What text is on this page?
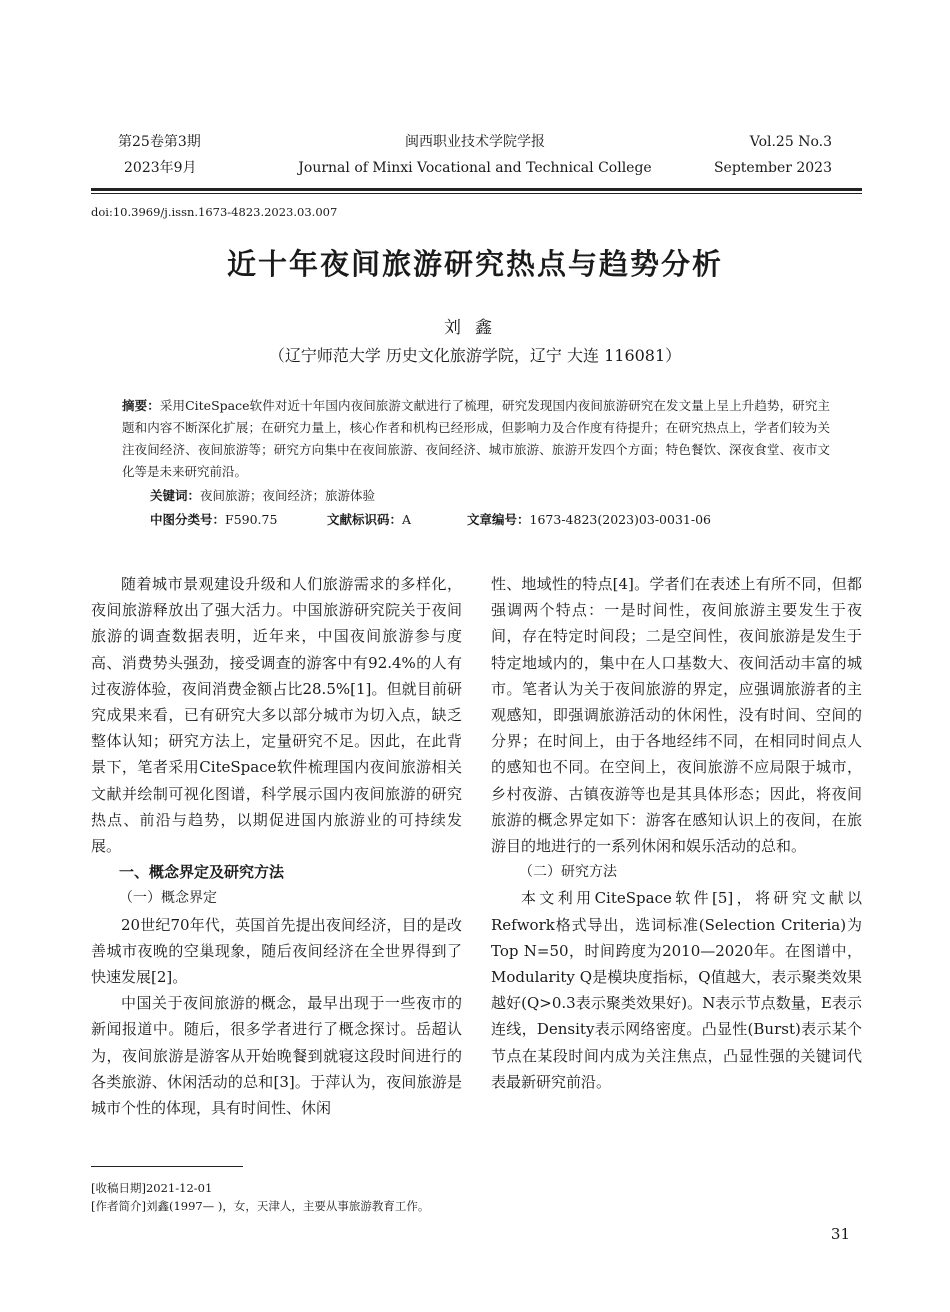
第25卷第3期
2023年9月
闽西职业技术学院学报
Journal of Minxi Vocational and Technical College
Vol.25 No.3
September 2023
doi:10.3969/j.issn.1673-4823.2023.03.007
近十年夜间旅游研究热点与趋势分析
刘鑫
（辽宁师范大学 历史文化旅游学院，辽宁 大连 116081）
摘要：采用CiteSpace软件对近十年国内夜间旅游文献进行了梳理，研究发现国内夜间旅游研究在发文量上呈上升趋势，研究主题和内容不断深化扩展；在研究力量上，核心作者和机构已经形成，但影响力及合作度有待提升；在研究热点上，学者们较为关注夜间经济、夜间旅游等；研究方向集中在夜间旅游、夜间经济、城市旅游、旅游开发四个方面；特色餐饮、深夜食堂、夜市文化等是未来研究前沿。
关键词：夜间旅游；夜间经济；旅游体验
中图分类号：F590.75	文献标识码：A	文章编号：1673-4823(2023)03-0031-06

随着城市景观建设升级和人们旅游需求的多样化，夜间旅游释放出了强大活力。中国旅游研究院关于夜间旅游的调查数据表明，近年来，中国夜间旅游参与度高、消费势头强劲，接受调查的游客中有92.4%的人有过夜游体验，夜间消费金额占比28.5%[1]。但就目前研究成果来看，已有研究大多以部分城市为切入点，缺乏整体认知；研究方法上，定量研究不足。因此，在此背景下，笔者采用CiteSpace软件梳理国内夜间旅游相关文献并绘制可视化图谱，科学展示国内夜间旅游的研究热点、前沿与趋势，以期促进国内旅游业的可持续发展。

一、概念界定及研究方法
（一）概念界定

20世纪70年代，英国首先提出夜间经济，目的是改善城市夜晚的空巢现象，随后夜间经济在全世界得到了快速发展[2]。

中国关于夜间旅游的概念，最早出现于一些夜市的新闻报道中。随后，很多学者进行了概念探讨。岳超认为，夜间旅游是游客从开始晚餐到就寝这段时间进行的各类旅游、休闲活动的总和[3]。于萍认为，夜间旅游是城市个性的体现，具有时间性、休闲

性、地域性的特点[4]。学者们在表述上有所不同，但都强调两个特点：一是时间性，夜间旅游主要发生于夜间，存在特定时间段；二是空间性，夜间旅游是发生于特定地域内的，集中在人口基数大、夜间活动丰富的城市。笔者认为关于夜间旅游的界定，应强调旅游者的主观感知，即强调旅游活动的休闲性，没有时间、空间的分界；在时间上，由于各地经纬不同，在相同时间点人的感知也不同。在空间上，夜间旅游不应局限于城市，乡村夜游、古镇夜游等也是其具体形态；因此，将夜间旅游的概念界定如下：游客在感知认识上的夜间，在旅游目的地进行的一系列休闲和娱乐活动的总和。

（二）研究方法

本文利用CiteSpace软件[5]，将研究文献以Refwork格式导出，选词标准(Selection Criteria)为Top N=50，时间跨度为2010—2020年。在图谱中，Modularity Q是模块度指标，Q值越大，表示聚类效果越好(Q>0.3表示聚类效果好)。N表示节点数量，E表示连线，Density表示网络密度。凸显性(Burst)表示某个节点在某段时间内成为关注焦点，凸显性强的关键词代表最新研究前沿。

[收稿日期]2021-12-01
[作者简介]刘鑫(1997— )，女，天津人，主要从事旅游教育工作。
31
